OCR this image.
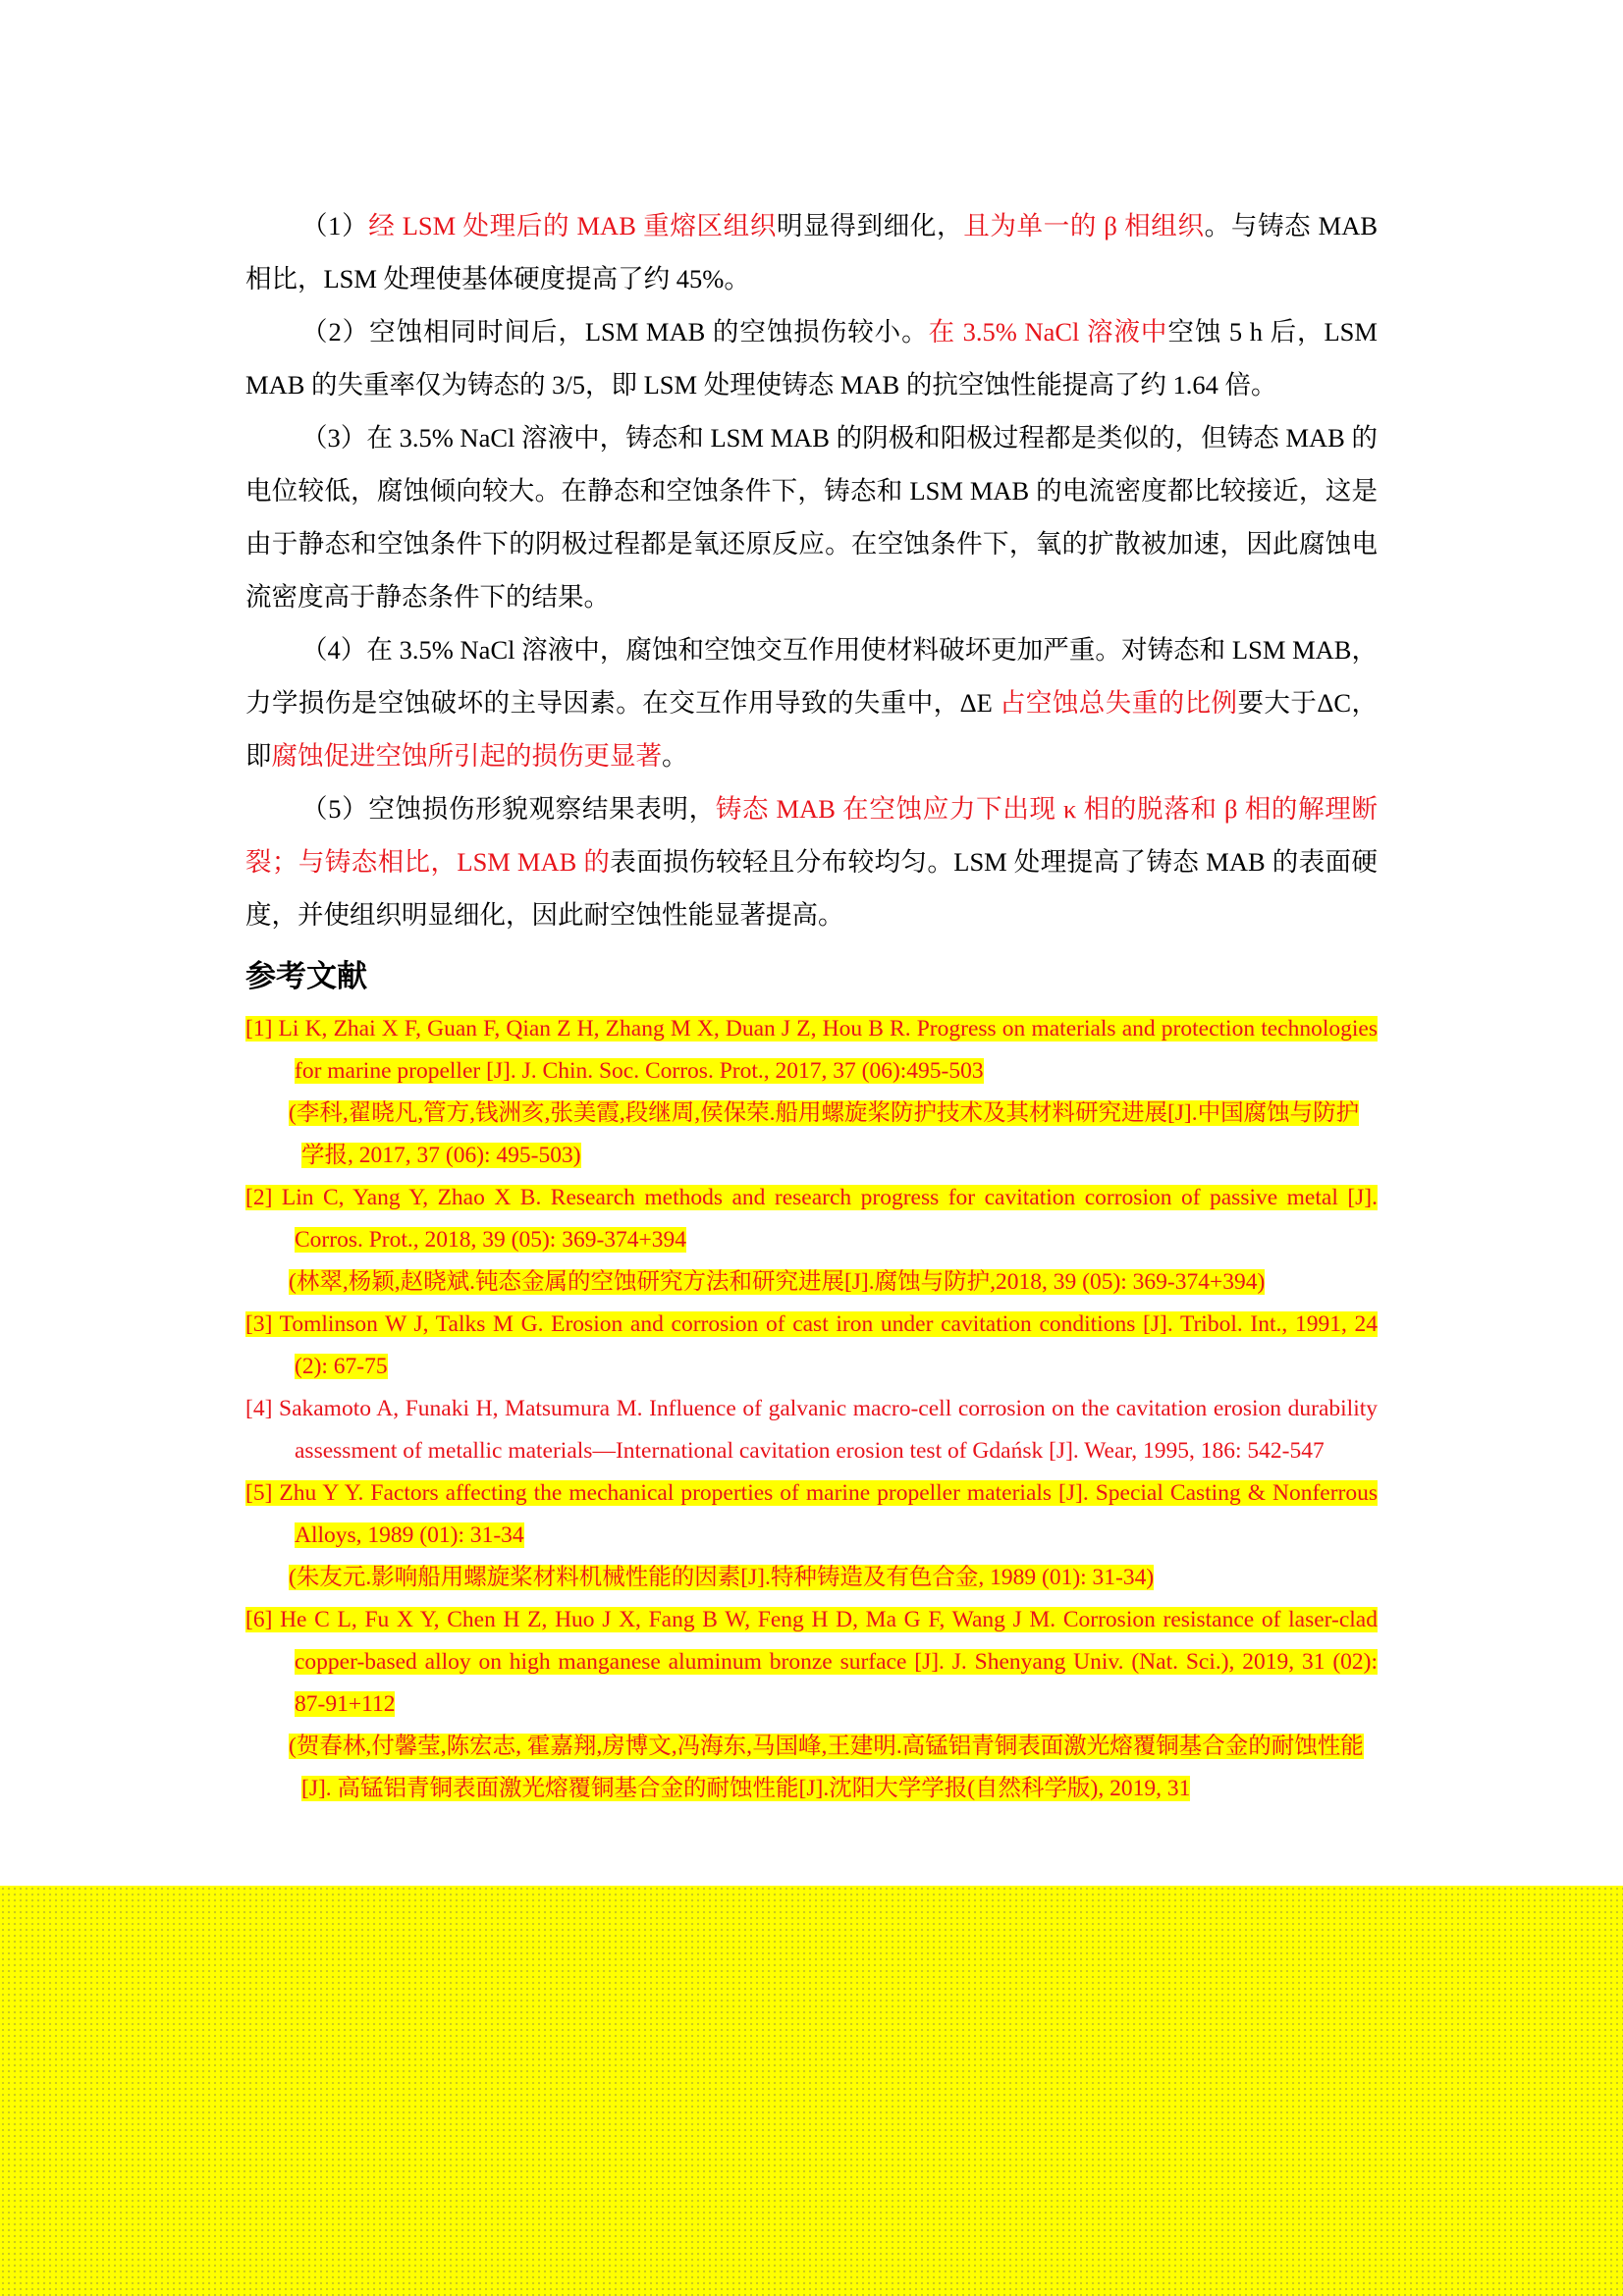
（1）经 LSM 处理后的 MAB 重熔区组织明显得到细化，且为单一的 β 相组织。与铸态 MAB 相比，LSM 处理使基体硬度提高了约 45%。

（2）空蚀相同时间后，LSM MAB 的空蚀损伤较小。在 3.5% NaCl 溶液中空蚀 5 h 后，LSM MAB 的失重率仅为铸态的 3/5，即 LSM 处理使铸态 MAB 的抗空蚀性能提高了约 1.64 倍。

（3）在 3.5% NaCl 溶液中，铸态和 LSM MAB 的阴极和阳极过程都是类似的，但铸态 MAB 的电位较低，腐蚀倾向较大。在静态和空蚀条件下，铸态和 LSM MAB 的电流密度都比较接近，这是由于静态和空蚀条件下的阴极过程都是氧还原反应。在空蚀条件下，氧的扩散被加速，因此腐蚀电流密度高于静态条件下的结果。

（4）在 3.5% NaCl 溶液中，腐蚀和空蚀交互作用使材料破坏更加严重。对铸态和 LSM MAB，力学损伤是空蚀破坏的主导因素。在交互作用导致的失重中，ΔE 占空蚀总失重的比例要大于ΔC，即腐蚀促进空蚀所引起的损伤更显著。

（5）空蚀损伤形貌观察结果表明，铸态 MAB 在空蚀应力下出现 κ 相的脱落和 β 相的解理断裂；与铸态相比，LSM MAB 的表面损伤较轻且分布较均匀。LSM 处理提高了铸态 MAB 的表面硬度，并使组织明显细化，因此耐空蚀性能显著提高。

参考文献

[1] Li K, Zhai X F, Guan F, Qian Z H, Zhang M X, Duan J Z, Hou B R. Progress on materials and protection technologies for marine propeller [J]. J. Chin. Soc. Corros. Prot., 2017, 37 (06):495-503

(李科,翟晓凡,管方,钱洲亥,张美霞,段继周,侯保荣.船用螺旋桨防护技术及其材料研究进展[J].中国腐蚀与防护学报, 2017, 37 (06): 495-503)

[2] Lin C, Yang Y, Zhao X B. Research methods and research progress for cavitation corrosion of passive metal [J]. Corros. Prot., 2018, 39 (05): 369-374+394

(林翠,杨颖,赵晓斌.钝态金属的空蚀研究方法和研究进展[J].腐蚀与防护,2018, 39 (05): 369-374+394)

[3] Tomlinson W J, Talks M G. Erosion and corrosion of cast iron under cavitation conditions [J]. Tribol. Int., 1991, 24 (2): 67-75

[4] Sakamoto A, Funaki H, Matsumura M. Influence of galvanic macro-cell corrosion on the cavitation erosion durability assessment of metallic materials—International cavitation erosion test of Gdańsk [J]. Wear, 1995, 186: 542-547

[5] Zhu Y Y. Factors affecting the mechanical properties of marine propeller materials [J]. Special Casting & Nonferrous Alloys, 1989 (01): 31-34

(朱友元.影响船用螺旋桨材料机械性能的因素[J].特种铸造及有色合金, 1989 (01): 31-34)

[6] He C L, Fu X Y, Chen H Z, Huo J X, Fang B W, Feng H D, Ma G F, Wang J M. Corrosion resistance of laser-clad copper-based alloy on high manganese aluminum bronze surface [J]. J. Shenyang Univ. (Nat. Sci.), 2019, 31 (02): 87-91+112

(贺春林,付馨莹,陈宏志, 霍嘉翔,房博文,冯海东,马国峰,王建明.高锰铝青铜表面激光熔覆铜基合金的耐蚀性能[J]. 高锰铝青铜表面激光熔覆铜基合金的耐蚀性能[J].沈阳大学学报(自然科学版), 2019, 31
